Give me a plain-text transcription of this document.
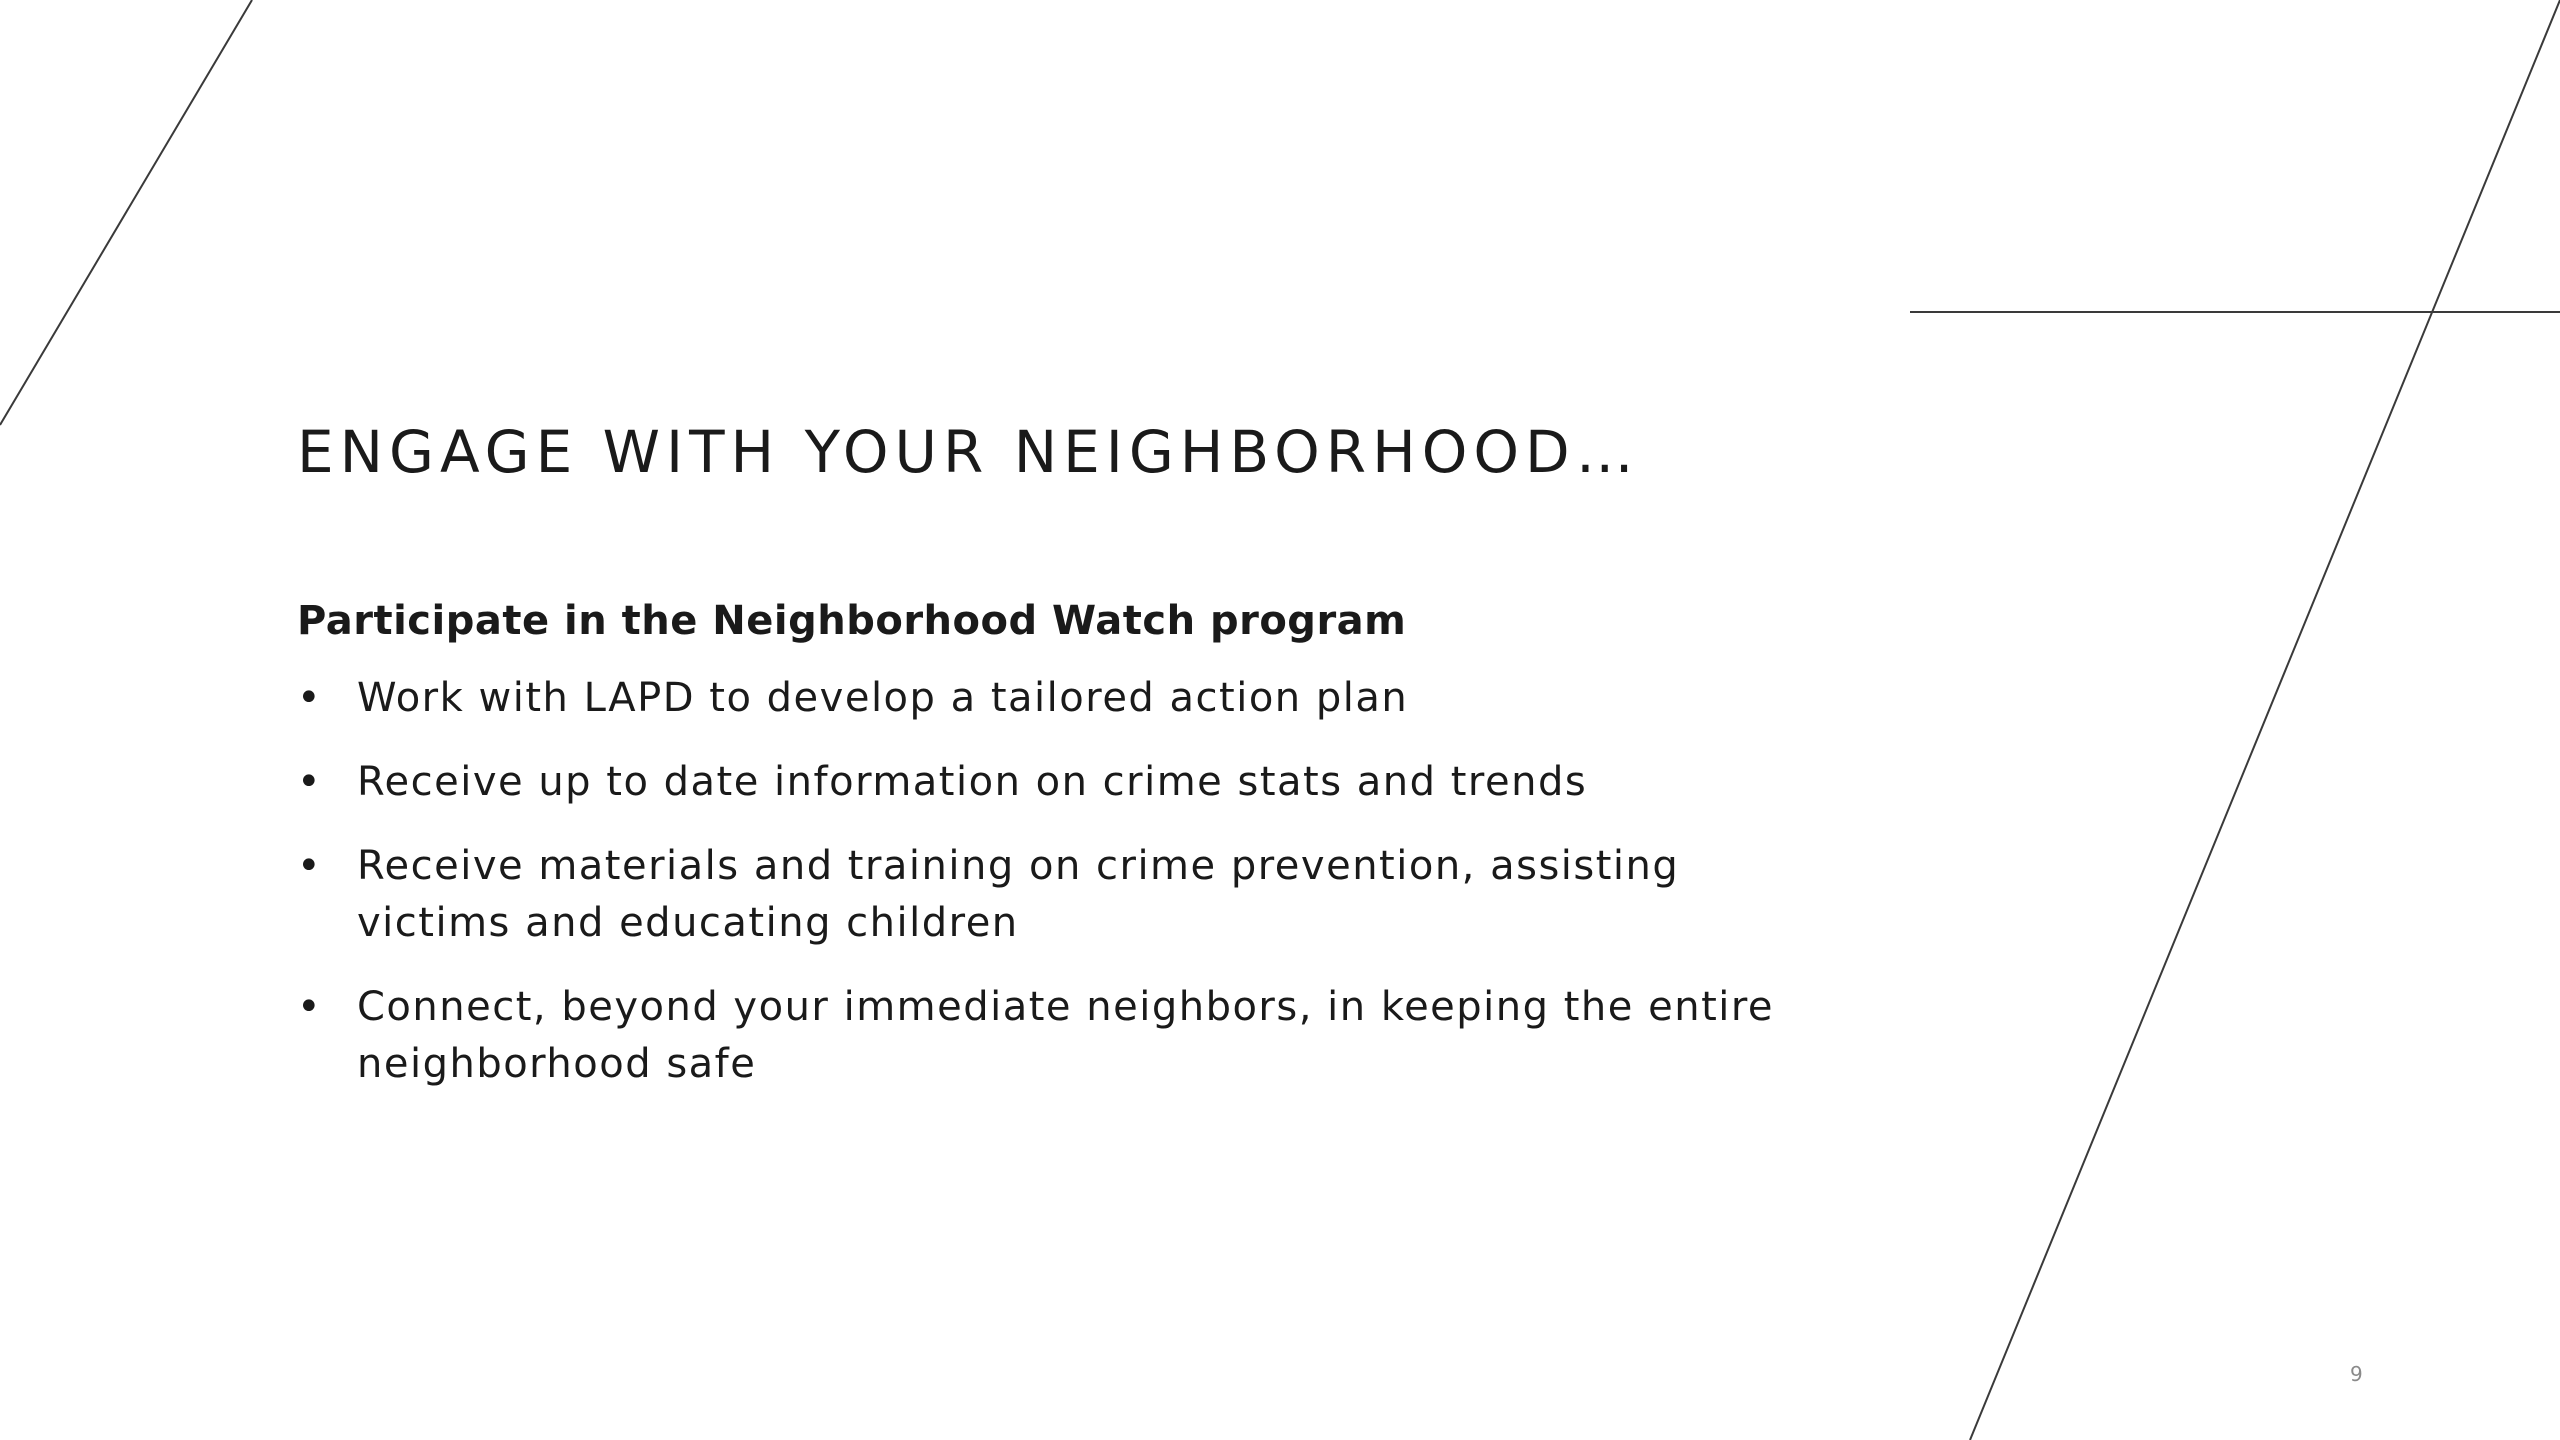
ENGAGE WITH YOUR NEIGHBORHOOD…

Participate in the Neighborhood Watch program

• Work with LAPD to develop a tailored action plan
• Receive up to date information on crime stats and trends
• Receive materials and training on crime prevention, assisting victims and educating children
• Connect, beyond your immediate neighbors, in keeping the entire neighborhood safe
9
